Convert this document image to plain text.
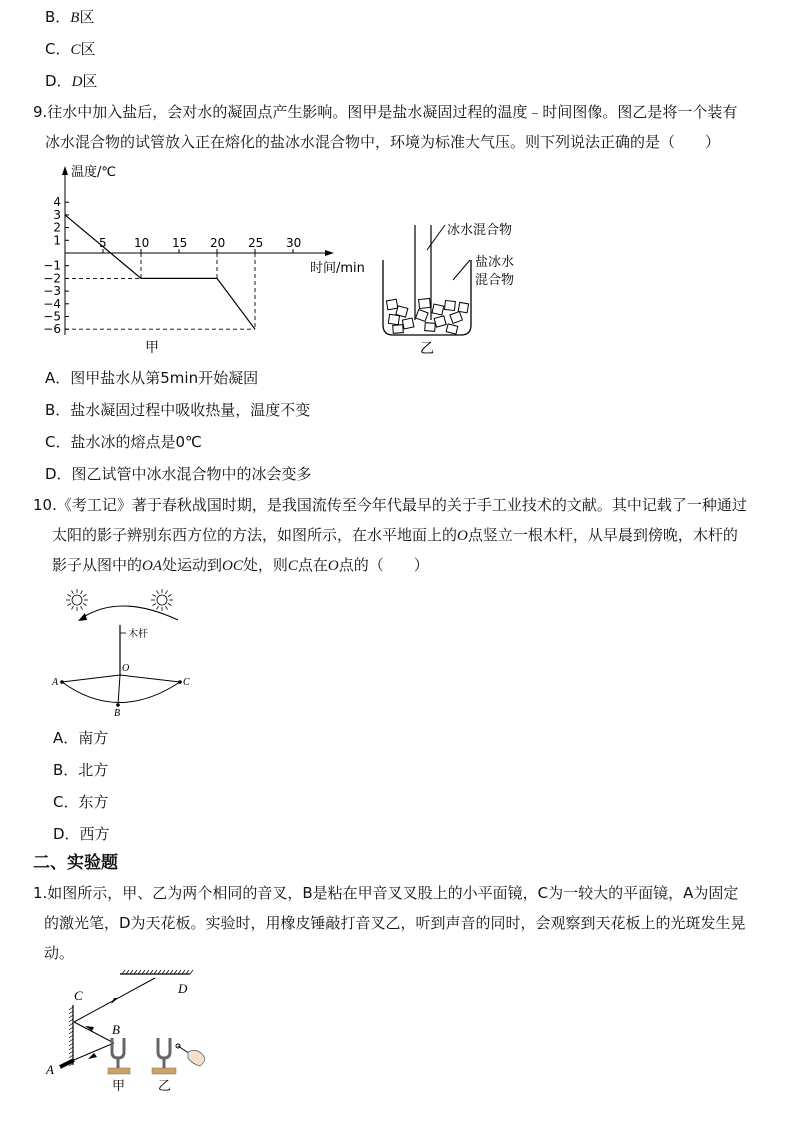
B．B区
C．C区
D．D区
9.往水中加入盐后，会对水的凝固点产生影响。图甲是盐水凝固过程的温度﹣时间图像。图乙是将一个装有
冰水混合物的试管放入正在熔化的盐冰水混合物中，环境为标准大气压。则下列说法正确的是（　　）
温度/℃
时间/min
甲
5 10 15 20 25 30
4
3
2
1
−1
−2
−3
−4
−5
−6
冰水混合物
盐冰水
混合物
乙
A．图甲盐水从第5min开始凝固
B．盐水凝固过程中吸收热量，温度不变
C．盐水冰的熔点是0℃
D．图乙试管中冰水混合物中的冰会变多
10.《考工记》著于春秋战国时期，是我国流传至今年代最早的关于手工业技术的文献。其中记载了一种通过
太阳的影子辨别东西方位的方法，如图所示，在水平地面上的O点竖立一根木杆，从早晨到傍晚，木杆的
影子从图中的OA处运动到OC处，则C点在O点的（　　）
木杆
A
O
B
C
A．南方
B．北方
C．东方
D．西方
二、实验题
1.如图所示，甲、乙为两个相同的音叉，B是粘在甲音叉叉股上的小平面镜，C为一较大的平面镜，A为固定
的激光笔，D为天花板。实验时，用橡皮锤敲打音叉乙，听到声音的同时，会观察到天花板上的光斑发生晃
动。
D
C
A
B
甲	乙
